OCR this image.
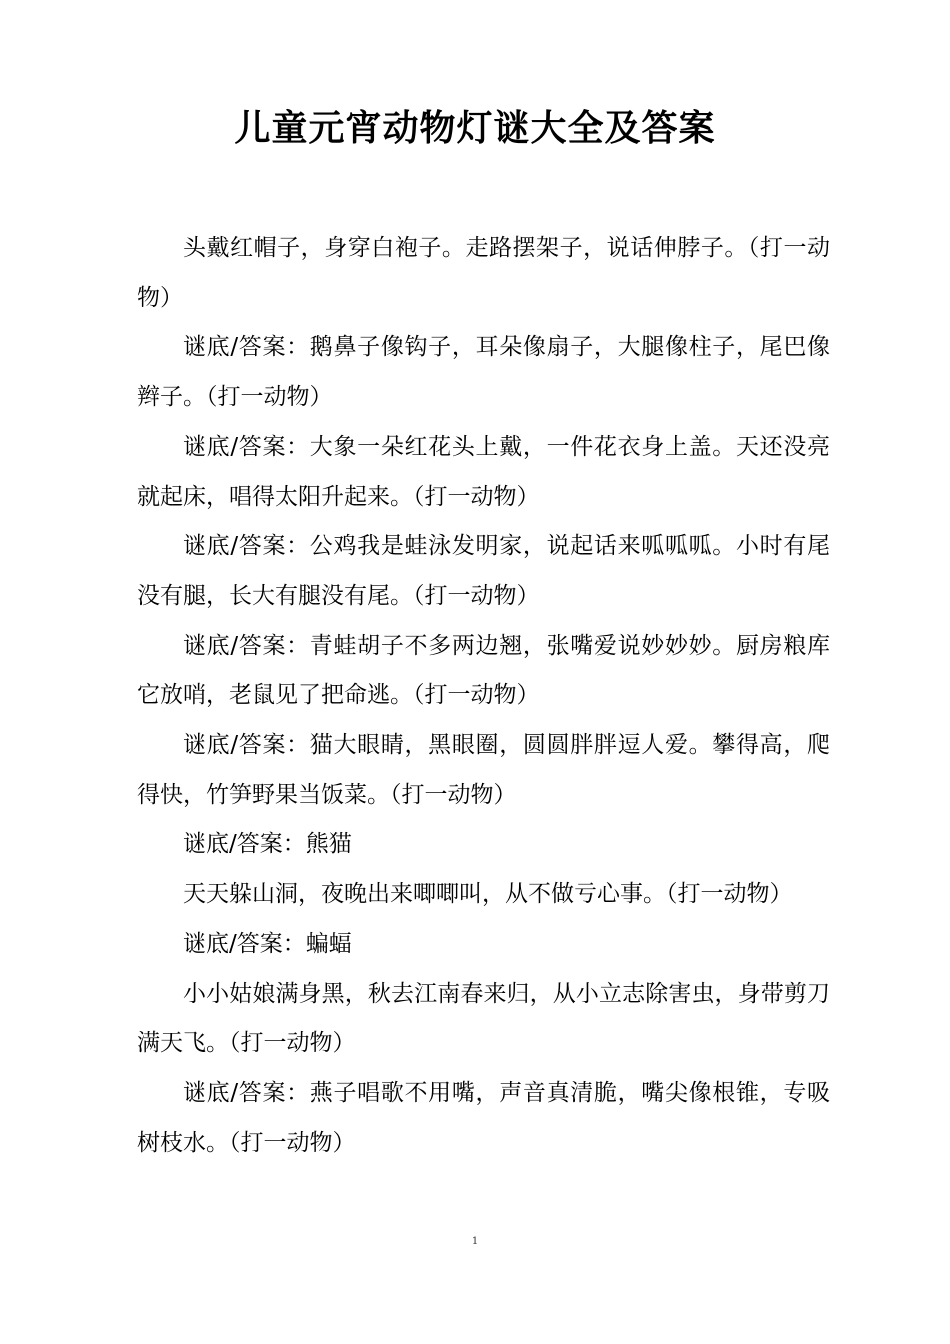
儿童元宵动物灯谜大全及答案

头戴红帽子，身穿白袍子。走路摆架子，说话伸脖子。（打一动物）

谜底/答案：鹅鼻子像钩子，耳朵像扇子，大腿像柱子，尾巴像辫子。（打一动物）

谜底/答案：大象一朵红花头上戴，一件花衣身上盖。天还没亮就起床，唱得太阳升起来。（打一动物）

谜底/答案：公鸡我是蛙泳发明家，说起话来呱呱呱。小时有尾没有腿，长大有腿没有尾。（打一动物）

谜底/答案：青蛙胡子不多两边翘，张嘴爱说妙妙妙。厨房粮库它放哨，老鼠见了把命逃。（打一动物）

谜底/答案：猫大眼睛，黑眼圈，圆圆胖胖逗人爱。攀得高，爬得快，竹笋野果当饭菜。（打一动物）

谜底/答案：熊猫

天天躲山洞，夜晚出来唧唧叫，从不做亏心事。（打一动物）

谜底/答案：蝙蝠

小小姑娘满身黑，秋去江南春来归，从小立志除害虫，身带剪刀满天飞。（打一动物）

谜底/答案：燕子唱歌不用嘴，声音真清脆，嘴尖像根锥，专吸树枝水。（打一动物）

1
